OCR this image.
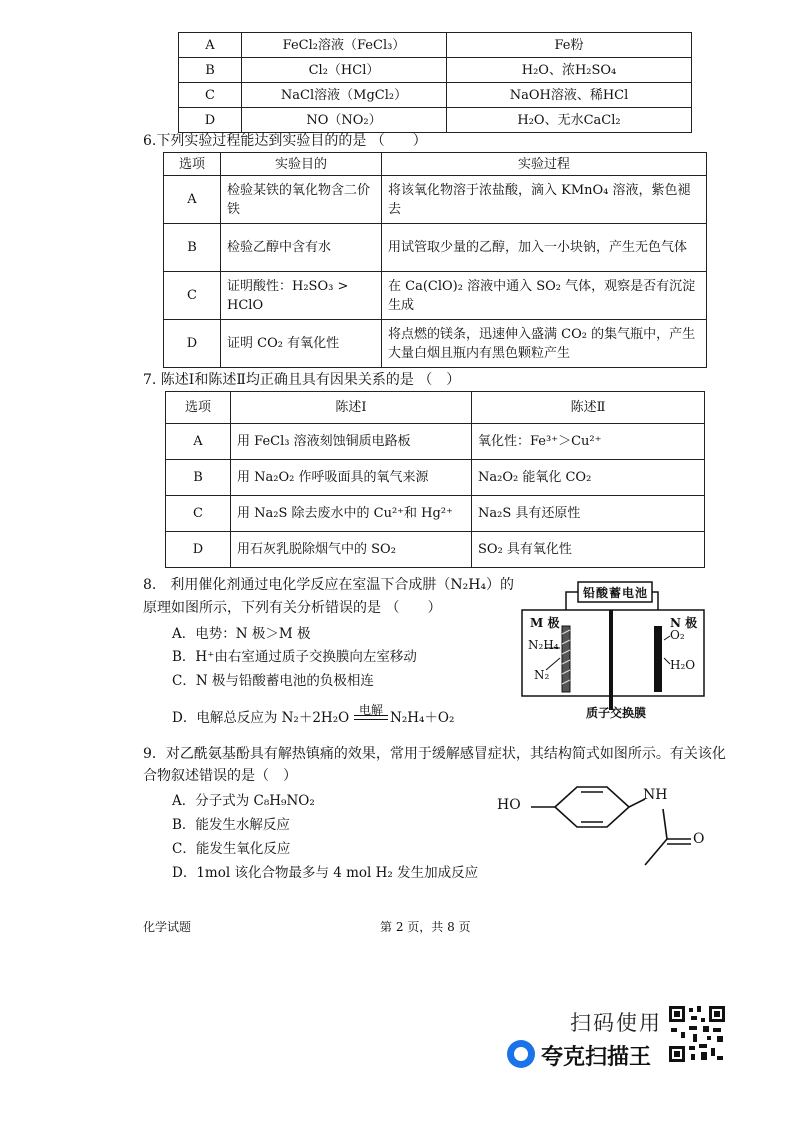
A	FeCl₂溶液（FeCl₃）	Fe粉
B	Cl₂（HCl）	H₂O、浓H₂SO₄
C	NaCl溶液（MgCl₂）	NaOH溶液、稀HCl
D	NO（NO₂）	H₂O、无水CaCl₂
6.下列实验过程能达到实验目的的是 （　　）
选项	实验目的	实验过程
A	检验某铁的氧化物含二价铁	将该氧化物溶于浓盐酸，滴入 KMnO₄ 溶液，紫色褪去
B	检验乙醇中含有水	用试管取少量的乙醇，加入一小块钠，产生无色气体
C	证明酸性：H₂SO₃ > HClO	在 Ca(ClO)₂ 溶液中通入 SO₂ 气体，观察是否有沉淀生成
D	证明 CO₂ 有氧化性	将点燃的镁条，迅速伸入盛满 CO₂ 的集气瓶中，产生大量白烟且瓶内有黑色颗粒产生
7. 陈述Ⅰ和陈述Ⅱ均正确且具有因果关系的是 （　）
选项	陈述Ⅰ	陈述Ⅱ
A	用 FeCl₃ 溶液刻蚀铜质电路板	氧化性：Fe³⁺＞Cu²⁺
B	用 Na₂O₂ 作呼吸面具的氧气来源	Na₂O₂ 能氧化 CO₂
C	用 Na₂S 除去废水中的 Cu²⁺和 Hg²⁺	Na₂S 具有还原性
D	用石灰乳脱除烟气中的 SO₂	SO₂ 具有氧化性
8.　利用催化剂通过电化学反应在室温下合成肼（N₂H₄）的
原理如图所示，下列有关分析错误的是 （　　）
A．电势：N 极＞M 极
B．H⁺由右室通过质子交换膜向左室移动
C．N 极与铅酸蓄电池的负极相连
D．电解总反应为 N₂＋2H₂O 电解 N₂H₄＋O₂
铅酸蓄电池
M 极	N 极
N₂H₄
N₂
O₂
H₂O
质子交换膜
9．对乙酰氨基酚具有解热镇痛的效果，常用于缓解感冒症状，其结构简式如图所示。有关该化
合物叙述错误的是（　）
A．分子式为 C₈H₉NO₂
B．能发生水解反应
C．能发生氧化反应
D．1mol 该化合物最多与 4 mol H₂ 发生加成反应
HO
NH
O
化学试题	第 2 页，共 8 页
扫码使用
夸克扫描王
